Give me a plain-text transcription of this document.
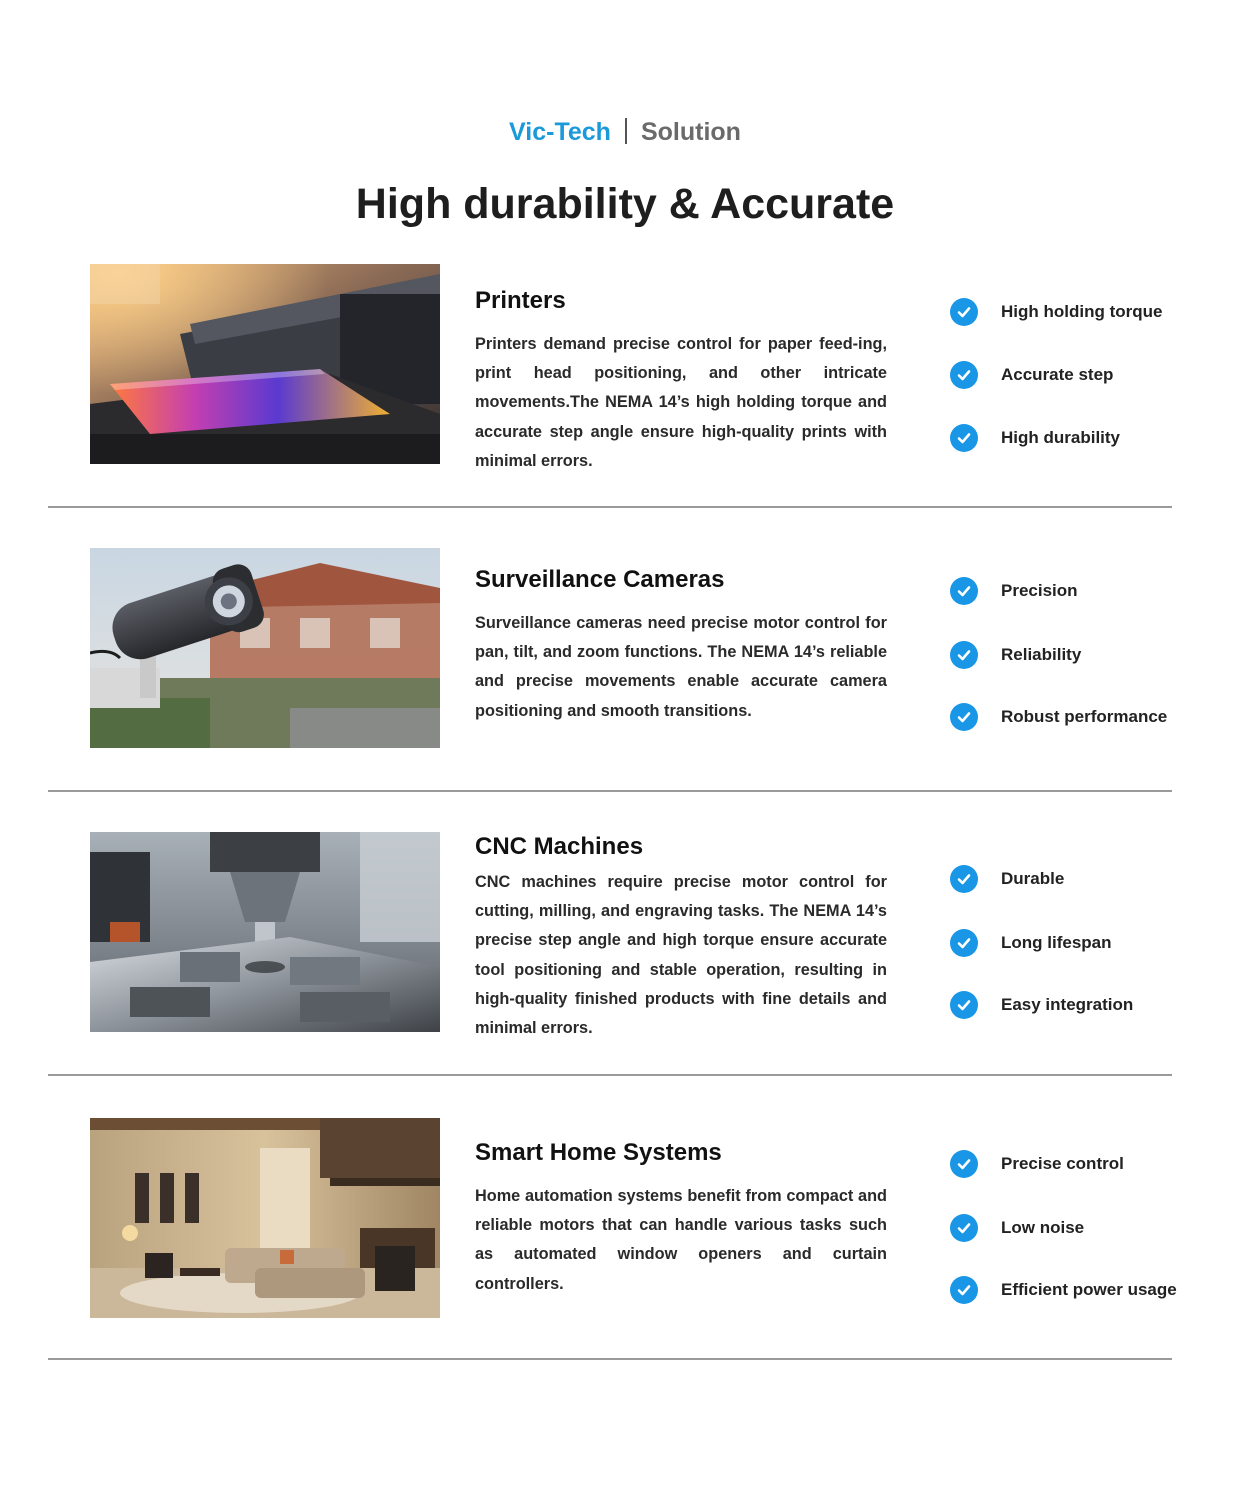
Vic-Tech Solution
High durability & Accurate
Printers
Printers demand precise control for paper feed-ing, print head positioning, and other intricate movements.The NEMA 14’s high holding torque and accurate step angle ensure high-quality prints with minimal errors.
High holding torque
Accurate step
High durability
Surveillance Cameras
Surveillance cameras need precise motor control for pan, tilt, and zoom functions. The NEMA 14’s reliable and precise movements enable accurate camera positioning and smooth transitions.
Precision
Reliability
Robust performance
CNC Machines
CNC machines require precise motor control for cutting, milling, and engraving tasks. The NEMA 14’s precise step angle and high torque ensure accurate tool positioning and stable operation, resulting in high-quality finished products with fine details and minimal errors.
Durable
Long lifespan
Easy integration
Smart Home Systems
Home automation systems benefit from compact and reliable motors that can handle various tasks such as automated window openers and curtain controllers.
Precise control
Low noise
Efficient power usage
